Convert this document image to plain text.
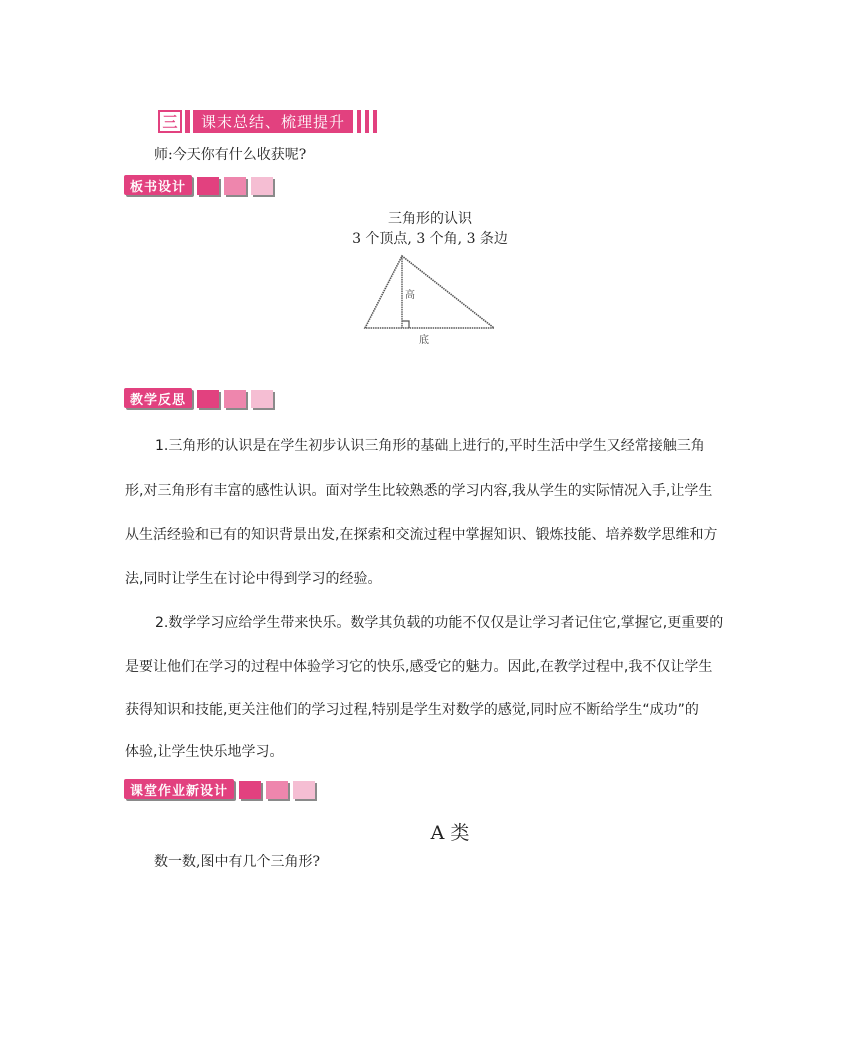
三	课末总结、梳理提升
师:今天你有什么收获呢?
板书设计
三角形的认识
3 个顶点, 3 个角, 3 条边
高
底
教学反思
1.三角形的认识是在学生初步认识三角形的基础上进行的,平时生活中学生又经常接触三角
形,对三角形有丰富的感性认识。面对学生比较熟悉的学习内容,我从学生的实际情况入手,让学生
从生活经验和已有的知识背景出发,在探索和交流过程中掌握知识、锻炼技能、培养数学思维和方
法,同时让学生在讨论中得到学习的经验。
2.数学学习应给学生带来快乐。数学其负载的功能不仅仅是让学习者记住它,掌握它,更重要的
是要让他们在学习的过程中体验学习它的快乐,感受它的魅力。因此,在教学过程中,我不仅让学生
获得知识和技能,更关注他们的学习过程,特别是学生对数学的感觉,同时应不断给学生“成功”的
体验,让学生快乐地学习。
课堂作业新设计
A 类
数一数,图中有几个三角形?
